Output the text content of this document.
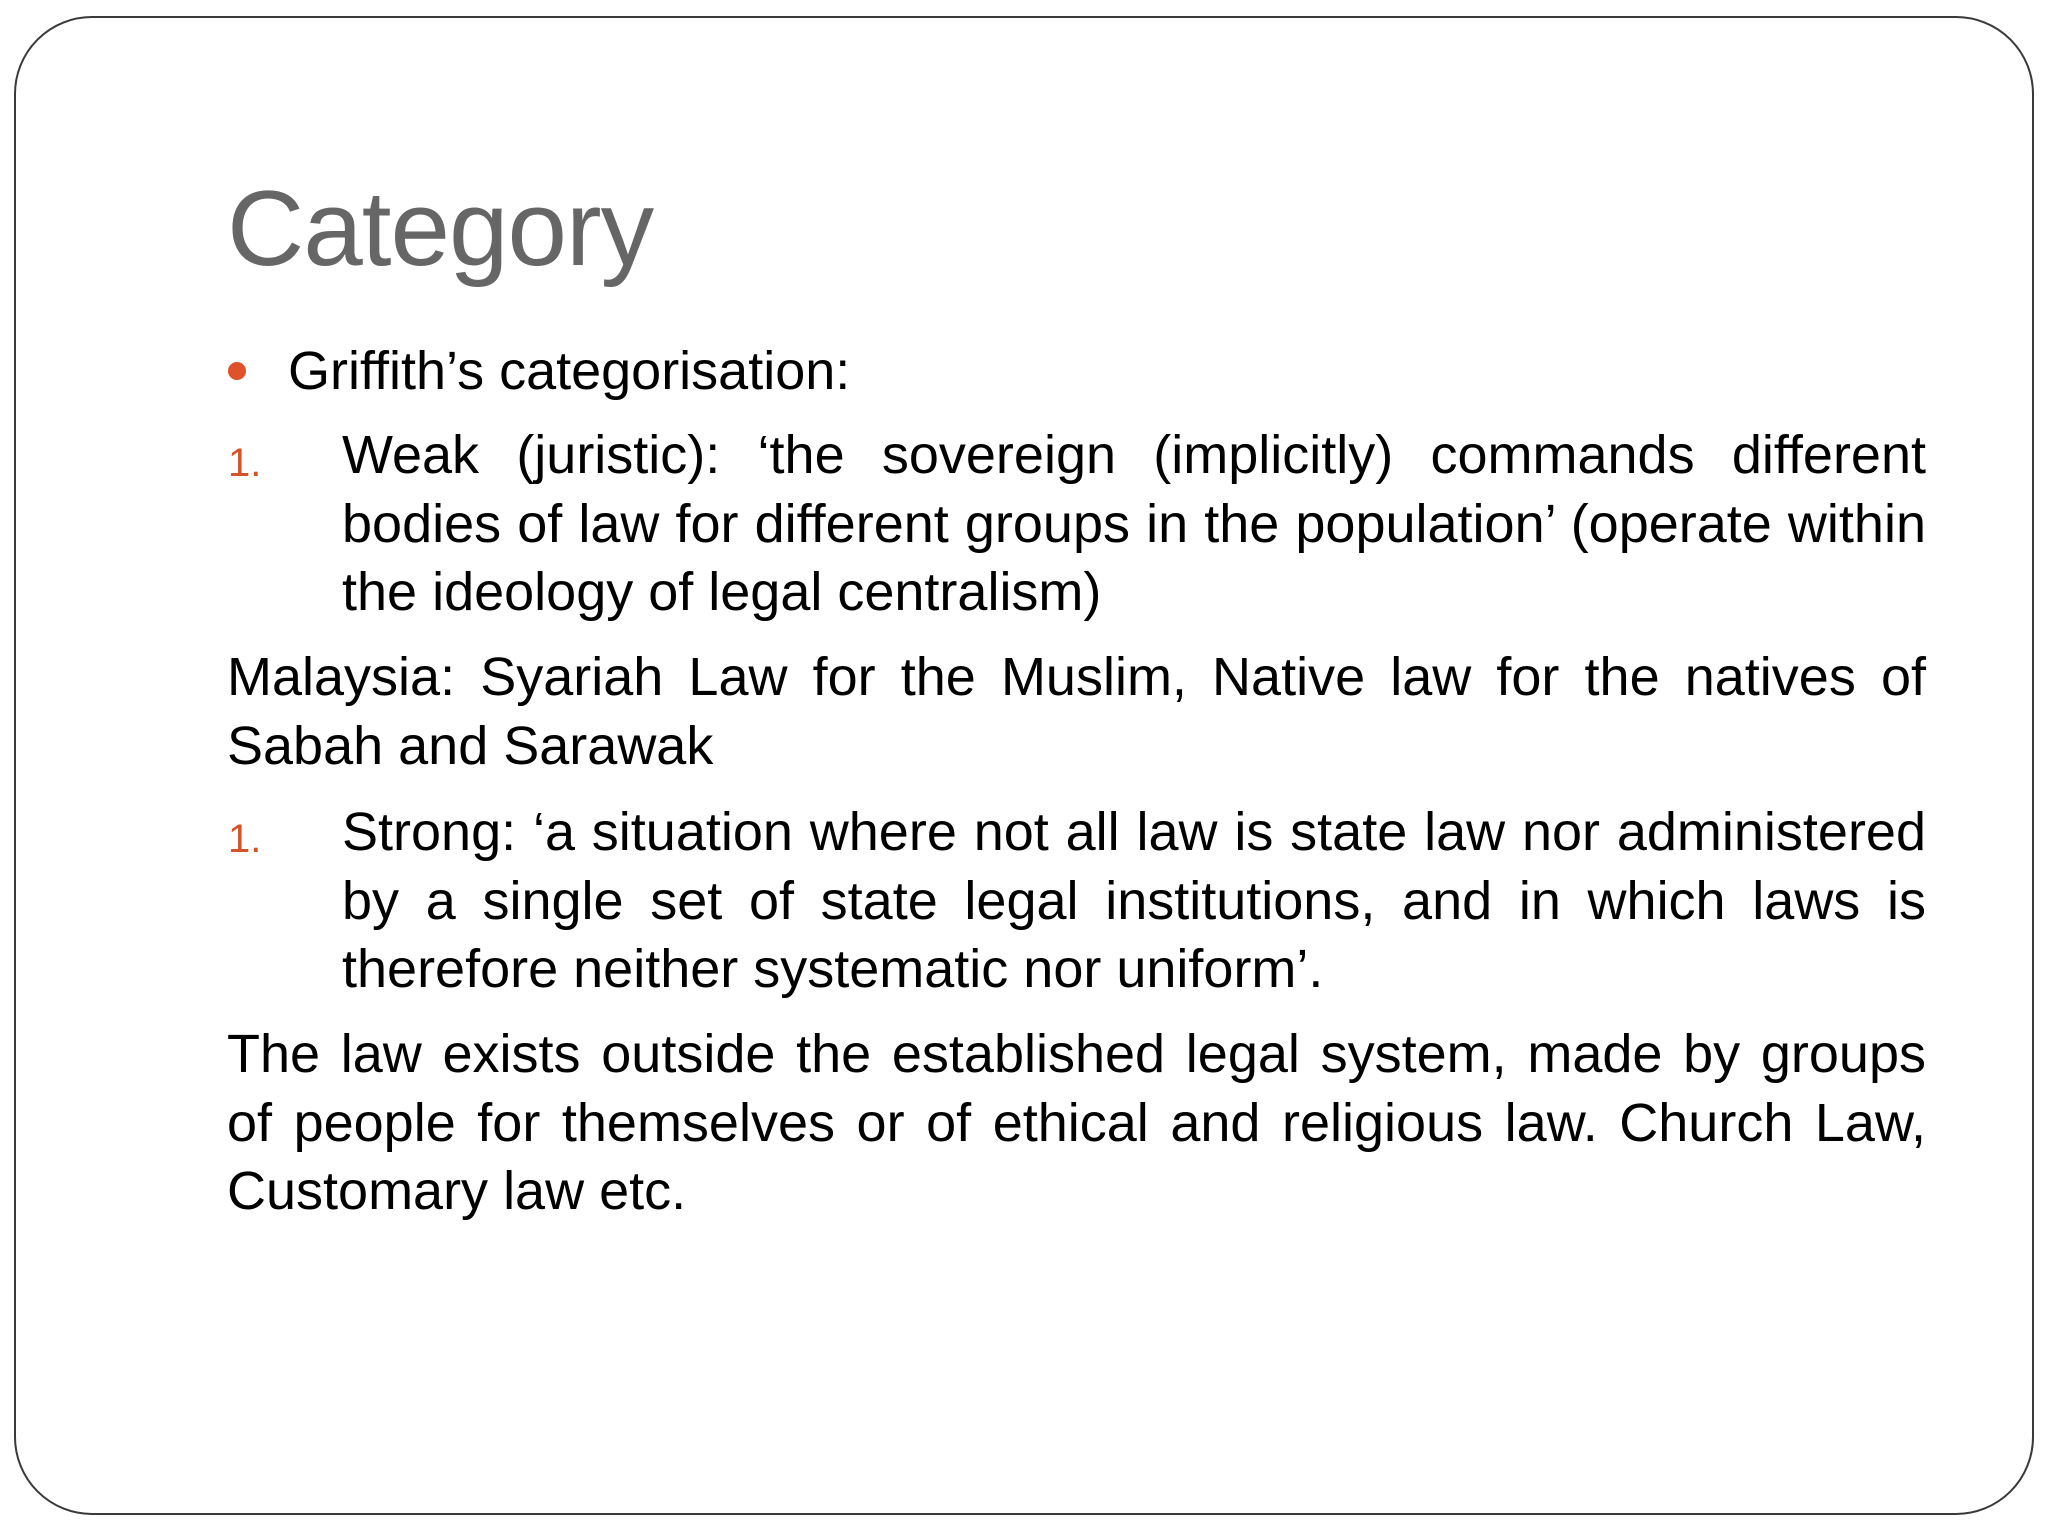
Category
Griffith’s categorisation:
1. Weak (juristic): ‘the sovereign (implicitly) commands different bodies of law for different groups in the population’ (operate within the ideology of legal centralism)
Malaysia: Syariah Law for the Muslim, Native law for the natives of Sabah and Sarawak
1. Strong: ‘a situation where not all law is state law nor administered by a single set of state legal institutions, and in which laws is therefore neither systematic nor uniform’.
The law exists outside the established legal system, made by groups of people for themselves or of ethical and religious law. Church Law, Customary law etc.
